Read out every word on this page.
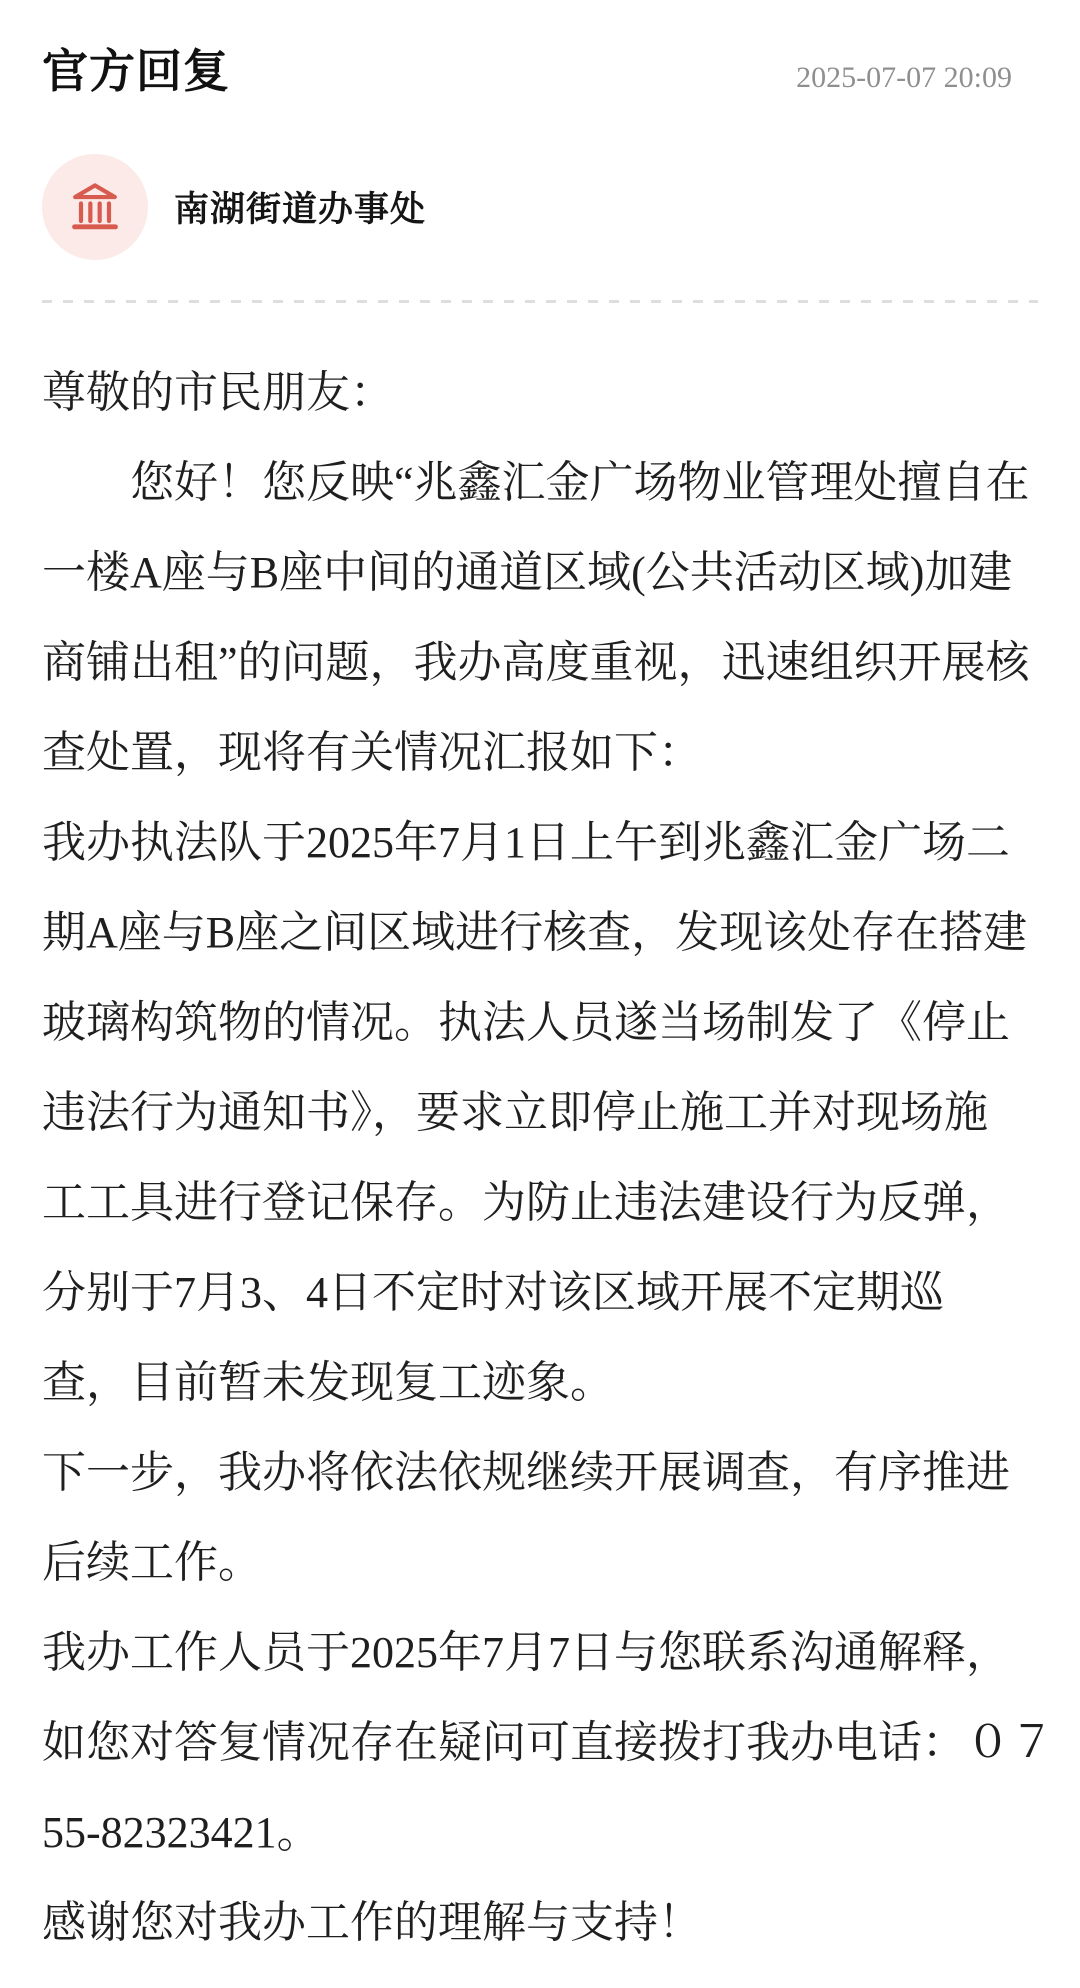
官方回复	2025-07-07 20:09
南湖街道办事处
尊敬的市民朋友：
您好！您反映“兆鑫汇金广场物业管理处擅自在
一楼A座与B座中间的通道区域(公共活动区域)加建
商铺出租”的问题，我办高度重视，迅速组织开展核
查处置，现将有关情况汇报如下：
我办执法队于2025年7月1日上午到兆鑫汇金广场二
期A座与B座之间区域进行核查，发现该处存在搭建
玻璃构筑物的情况。执法人员遂当场制发了《停止
违法行为通知书》，要求立即停止施工并对现场施
工工具进行登记保存。为防止违法建设行为反弹，
分别于7月3、4日不定时对该区域开展不定期巡
查，目前暂未发现复工迹象。
下一步，我办将依法依规继续开展调查，有序推进
后续工作。
我办工作人员于2025年7月7日与您联系沟通解释，
如您对答复情况存在疑问可直接拨打我办电话：０７
55-82323421。
感谢您对我办工作的理解与支持！
